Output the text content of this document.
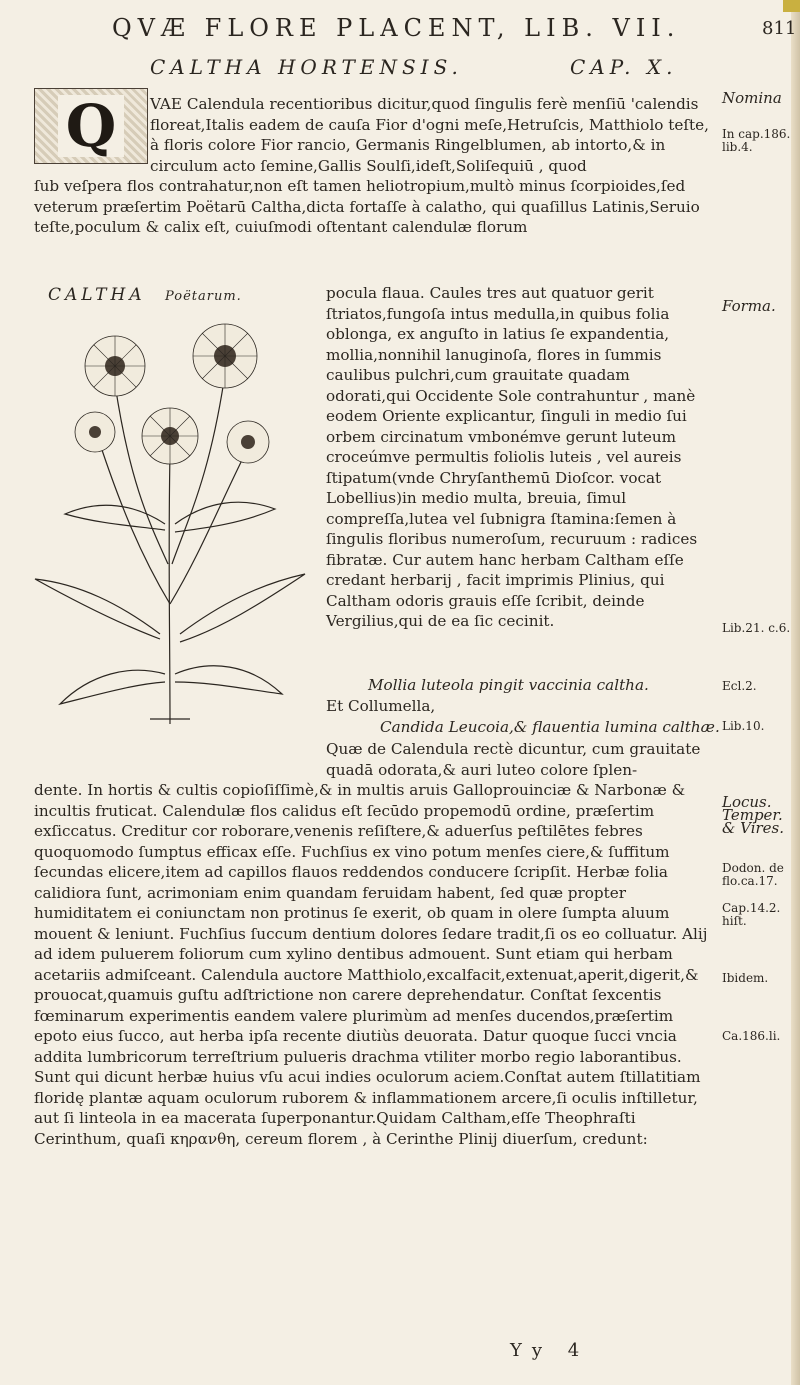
QVÆ FLORE PLACENT, LIB. VII.	811
CALTHA HORTENSIS.	CAP. X.
Q	VAE Calendula recentioribus dicitur,quod ſingulis ferè menſiū 'calendis floreat,Italis eadem de cauſa Fior d'ogni meſe,Hetruſcis, Matthiolo teſte, à floris colore Fior rancio, Germanis Ringelblumen, ab intorto,& in circulum acto ſemine,Gallis Soulſi,ideſt,Soliſequiū , quod

ſub veſpera flos contrahatur,non eſt tamen heliotropium,multò minus ſcorpioides,ſed veterum præſertim Poëtarū Caltha,dicta fortaſſe à calatho, qui quaſillus Latinis,Seruio teſte,poculum & calix eſt, cuiuſmodi oſtentant calendulæ florum

CALTHA Poëtarum.	pocula flaua. Caules tres aut quatuor gerit ſtriatos,fungoſa intus medulla,in quibus folia oblonga, ex anguſto in latius ſe expandentia, mollia,nonnihil lanuginoſa, flores in ſummis caulibus pulchri,cum grauitate quadam odorati,qui Occidente Sole contrahuntur , manè eodem Oriente explicantur, ſinguli in medio ſui orbem circinatum vmbonémve gerunt luteum croceúmve permultis foliolis luteis , vel aureis ſtipatum(vnde Chryſanthemū Dioſcor. vocat Lobellius)in medio multa, breuia, ſimul compreſſa,lutea vel ſubnigra ſtamina:ſemen à ſingulis floribus numeroſum, recuruum : radices fibratæ. Cur autem hanc herbam Caltham eſſe credant herbarij , facit imprimis Plinius, qui Caltham odoris grauis eſſe ſcribit, deinde Vergilius,qui de ea ſic cecinit.

Mollia luteola pingit vaccinia caltha.
Et Collumella,
Candida Leucoia,& flauentia lumina calthæ.

Quæ de Calendula rectè dicuntur, cum grauitate quadā odorata,& auri luteo colore ſplen-

dente. In hortis & cultis copioſiſſimè,& in multis aruis Galloprouinciæ & Narbonæ & incultis fruticat. Calendulæ flos calidus eſt ſecūdo propemodū ordine, præſertim exſiccatus. Creditur cor roborare,venenis reſiſtere,& aduerſus peſtilētes febres quoquomodo ſumptus efficax eſſe. Fuchſius ex vino potum menſes ciere,& ſuffitum ſecundas elicere,item ad capillos flauos reddendos conducere ſcripſit. Herbæ folia calidiora ſunt, acrimoniam enim quandam feruidam habent, ſed quæ propter humiditatem ei coniunctam non protinus ſe exerit, ob quam in olere ſumpta aluum mouent & leniunt. Fuchſius ſuccum dentium dolores ſedare tradit,ſi os eo colluatur. Alij ad idem puluerem foliorum cum xylino dentibus admouent. Sunt etiam qui herbam acetariis admiſceant. Calendula auctore Matthiolo,excalfacit,extenuat,aperit,digerit,& prouocat,quamuis guſtu adſtrictione non carere deprehendatur. Conſtat ſexcentis fœminarum experimentis eandem valere plurimùm ad menſes ducendos,præſertim epoto eius ſucco, aut herba ipſa recente diutiùs deuorata. Datur quoque ſucci vncia addita lumbricorum terreſtrium pulueris drachma vtiliter morbo regio laborantibus. Sunt qui dicunt herbæ huius vſu acui indies oculorum aciem.Conſtat autem ſtillatitiam floridę plantæ aquam oculorum ruborem & inflammationem arcere,ſi oculis inſtilletur, aut ſi linteola in ea macerata ſuperponantur.Quidam Caltham,eſſe Theophraſti Cerinthum, quaſi κηρανθη, cereum florem , à Cerinthe Plinij diuerſum, credunt:

Yy 4
Nomina
In cap.186. lib.4.
Forma.
Lib.21. c.6.
Ecl.2.
Lib.10.
Locus. Temper. & Vires.
Dodon. de flo.ca.17.
Cap.14.2. hiſt.
Ibidem.
Ca.186.li.
